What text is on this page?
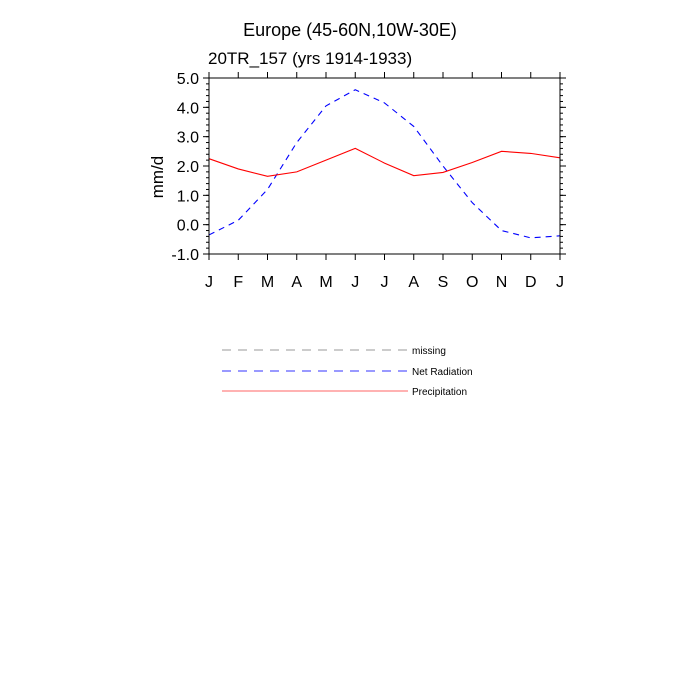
Europe (45-60N,10W-30E)
20TR_157 (yrs 1914-1933)
mm/d
5.0
4.0
3.0
2.0
1.0
0.0
-1.0
J F M A M J J A S O N D J
missing
Net Radiation
Precipitation
